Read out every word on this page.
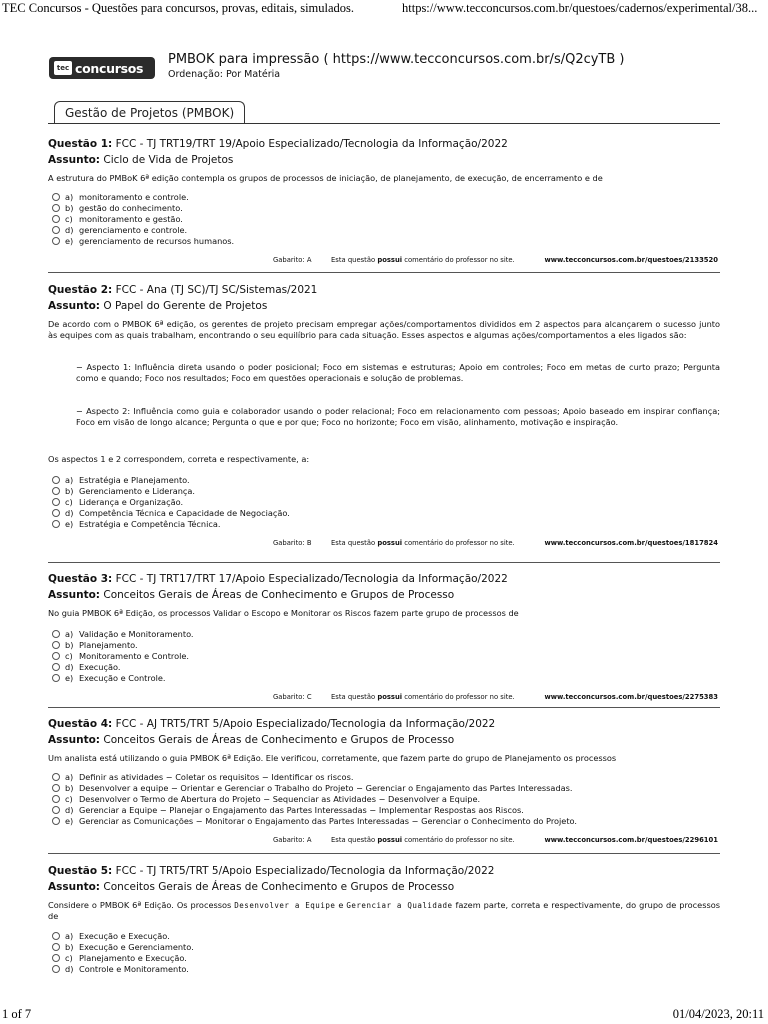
TEC Concursos - Questões para concursos, provas, editais, simulados.	https://www.tecconcursos.com.br/questoes/cadernos/experimental/38...
tec concursos
PMBOK para impressão ( https://www.tecconcursos.com.br/s/Q2cyTB )
Ordenação: Por Matéria
Gestão de Projetos (PMBOK)
Questão 1: FCC - TJ TRT19/TRT 19/Apoio Especializado/Tecnologia da Informação/2022
Assunto: Ciclo de Vida de Projetos
A estrutura do PMBoK 6ª edição contempla os grupos de processos de iniciação, de planejamento, de execução, de encerramento e de
a) monitoramento e controle.
b) gestão do conhecimento.
c) monitoramento e gestão.
d) gerenciamento e controle.
e) gerenciamento de recursos humanos.
Gabarito: A	Esta questão possui comentário do professor no site.	www.tecconcursos.com.br/questoes/2133520
Questão 2: FCC - Ana (TJ SC)/TJ SC/Sistemas/2021
Assunto: O Papel do Gerente de Projetos
De acordo com o PMBOK 6ª edição, os gerentes de projeto precisam empregar ações/comportamentos divididos em 2 aspectos para alcançarem o sucesso junto às equipes com as quais trabalham, encontrando o seu equilíbrio para cada situação. Esses aspectos e algumas ações/comportamentos a eles ligados são:
− Aspecto 1: Influência direta usando o poder posicional; Foco em sistemas e estruturas; Apoio em controles; Foco em metas de curto prazo; Pergunta como e quando; Foco nos resultados; Foco em questões operacionais e solução de problemas.
− Aspecto 2: Influência como guia e colaborador usando o poder relacional; Foco em relacionamento com pessoas; Apoio baseado em inspirar confiança; Foco em visão de longo alcance; Pergunta o que e por que; Foco no horizonte; Foco em visão, alinhamento, motivação e inspiração.
Os aspectos 1 e 2 correspondem, correta e respectivamente, a:
a) Estratégia e Planejamento.
b) Gerenciamento e Liderança.
c) Liderança e Organização.
d) Competência Técnica e Capacidade de Negociação.
e) Estratégia e Competência Técnica.
Gabarito: B	Esta questão possui comentário do professor no site.	www.tecconcursos.com.br/questoes/1817824
Questão 3: FCC - TJ TRT17/TRT 17/Apoio Especializado/Tecnologia da Informação/2022
Assunto: Conceitos Gerais de Áreas de Conhecimento e Grupos de Processo
No guia PMBOK 6ª Edição, os processos Validar o Escopo e Monitorar os Riscos fazem parte grupo de processos de
a) Validação e Monitoramento.
b) Planejamento.
c) Monitoramento e Controle.
d) Execução.
e) Execução e Controle.
Gabarito: C	Esta questão possui comentário do professor no site.	www.tecconcursos.com.br/questoes/2275383
Questão 4: FCC - AJ TRT5/TRT 5/Apoio Especializado/Tecnologia da Informação/2022
Assunto: Conceitos Gerais de Áreas de Conhecimento e Grupos de Processo
Um analista está utilizando o guia PMBOK 6ª Edição. Ele verificou, corretamente, que fazem parte do grupo de Planejamento os processos
a) Definir as atividades − Coletar os requisitos − Identificar os riscos.
b) Desenvolver a equipe − Orientar e Gerenciar o Trabalho do Projeto − Gerenciar o Engajamento das Partes Interessadas.
c) Desenvolver o Termo de Abertura do Projeto − Sequenciar as Atividades − Desenvolver a Equipe.
d) Gerenciar a Equipe − Planejar o Engajamento das Partes Interessadas − Implementar Respostas aos Riscos.
e) Gerenciar as Comunicações − Monitorar o Engajamento das Partes Interessadas − Gerenciar o Conhecimento do Projeto.
Gabarito: A	Esta questão possui comentário do professor no site.	www.tecconcursos.com.br/questoes/2296101
Questão 5: FCC - TJ TRT5/TRT 5/Apoio Especializado/Tecnologia da Informação/2022
Assunto: Conceitos Gerais de Áreas de Conhecimento e Grupos de Processo
Considere o PMBOK 6ª Edição. Os processos Desenvolver a Equipe e Gerenciar a Qualidade fazem parte, correta e respectivamente, do grupo de processos de
a) Execução e Execução.
b) Execução e Gerenciamento.
c) Planejamento e Execução.
d) Controle e Monitoramento.
1 of 7	01/04/2023, 20:11
